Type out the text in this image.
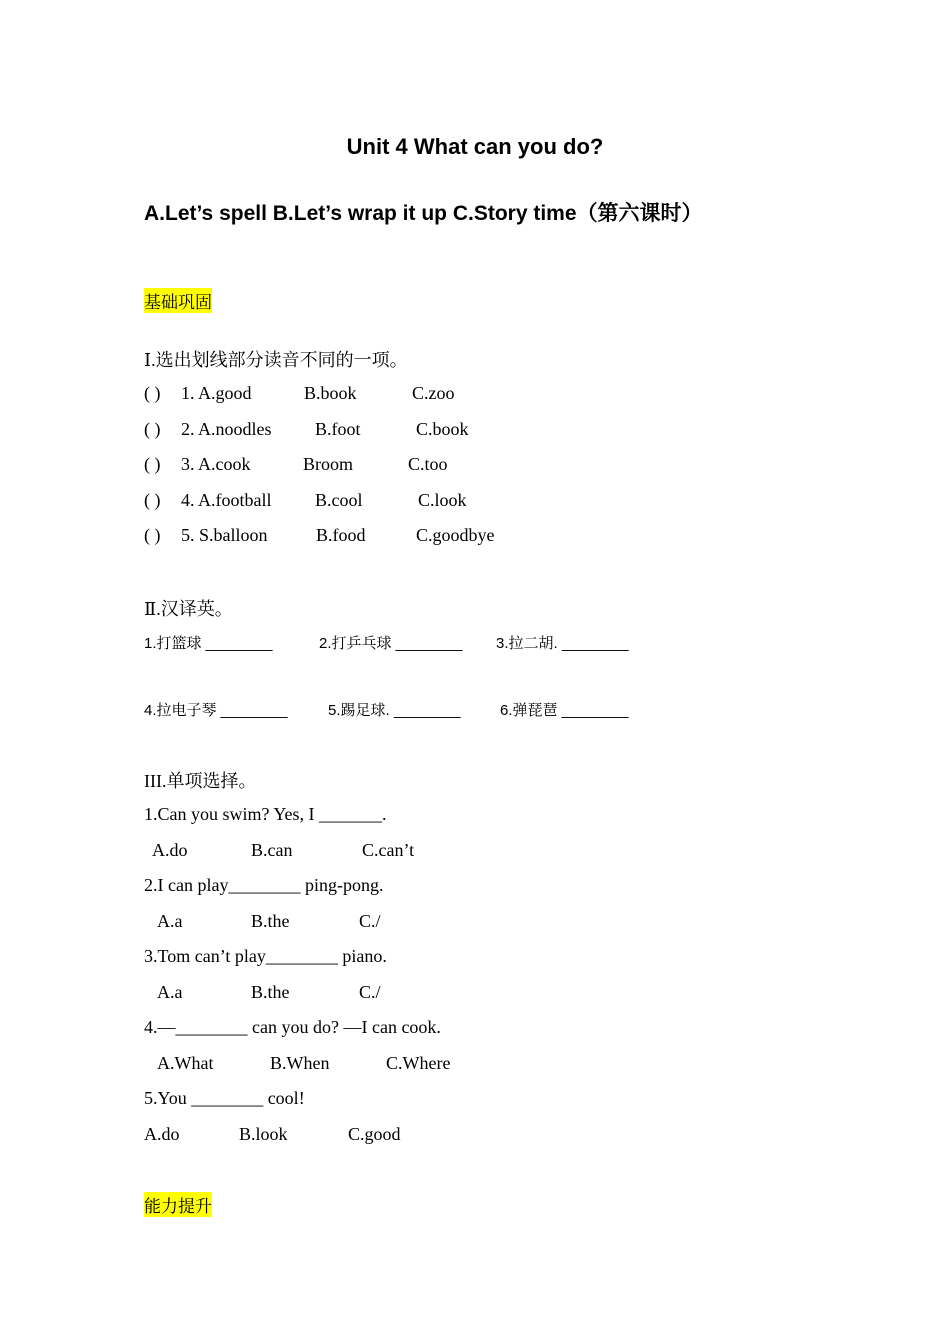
Unit 4 What can you do?
A.Let’s spell B.Let’s wrap it up C.Story time（第六课时）
基础巩固
Ⅰ.选出划线部分读音不同的一项。
( ) 1. A.good	B.book	C.zoo
( ) 2. A.noodles B.foot	C.book
( ) 3. A.cook	Broom	C.too
( ) 4. A.football B.cool	C.look
( ) 5. S.balloon	B.food	C.goodbye
Ⅱ.汉译英。
1.打篮球 ________	2.打乒乓球 ________ 3.拉二胡. ________
4.拉电子琴 ________	5.踢足球. ________	6.弹琵琶 ________
III.单项选择。
1.Can you swim? Yes, I _______.
A.do	B.can	C.can’t
2.I can play________ ping-pong.
A.a	B.the	C./
3.Tom can’t play________ piano.
A.a	B.the	C./
4.—________ can you do? —I can cook.
A.What	B.When	C.Where
5.You ________ cool!
A.do	B.look	C.good
能力提升
